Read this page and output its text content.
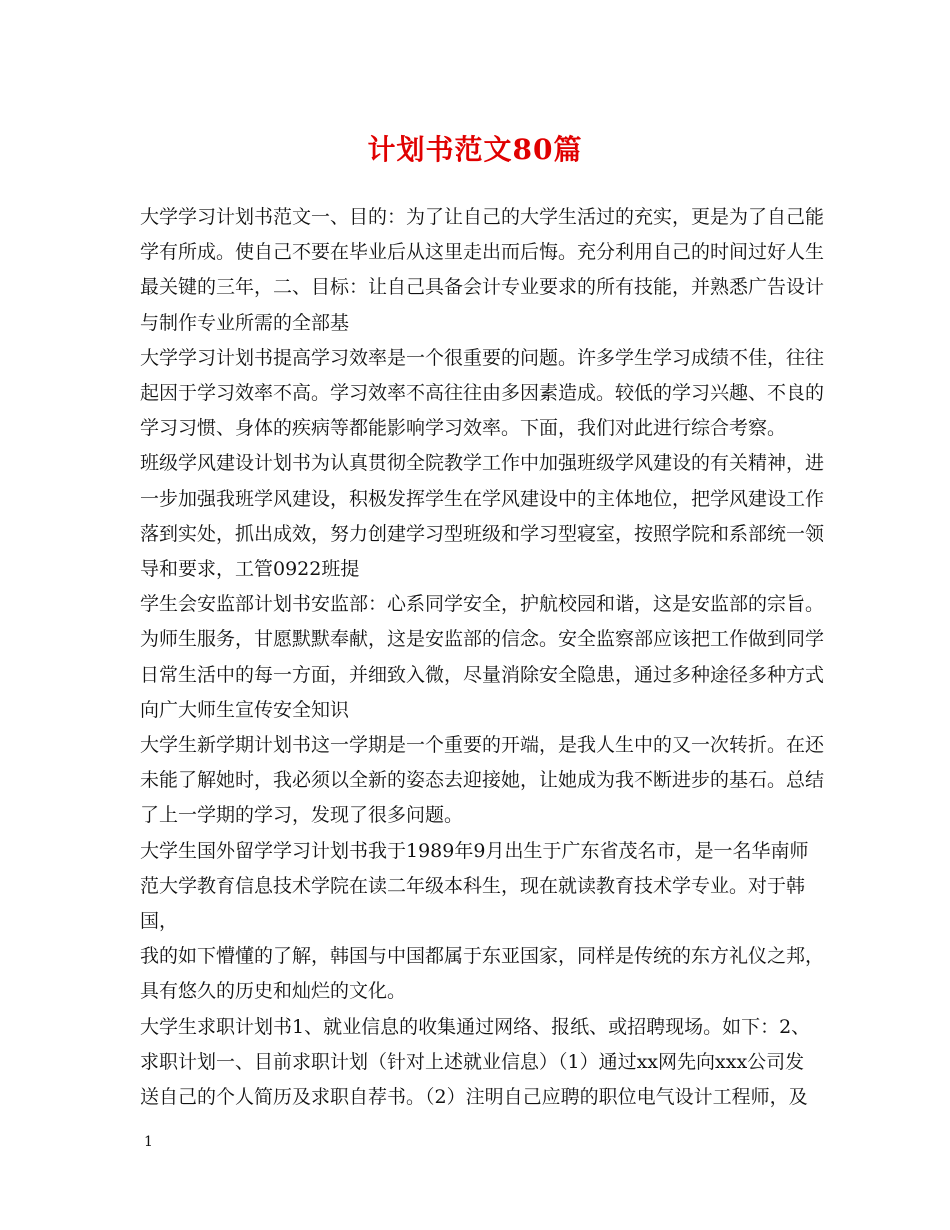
计划书范文80篇

大学学习计划书范文一、目的：为了让自己的大学生活过的充实，更是为了自己能
学有所成。使自己不要在毕业后从这里走出而后悔。充分利用自己的时间过好人生
最关键的三年，二、目标：让自己具备会计专业要求的所有技能，并熟悉广告设计
与制作专业所需的全部基

大学学习计划书提高学习效率是一个很重要的问题。许多学生学习成绩不佳，往往
起因于学习效率不高。学习效率不高往往由多因素造成。较低的学习兴趣、不良的
学习习惯、身体的疾病等都能影响学习效率。下面，我们对此进行综合考察。

班级学风建设计划书为认真贯彻全院教学工作中加强班级学风建设的有关精神，进
一步加强我班学风建设，积极发挥学生在学风建设中的主体地位，把学风建设工作
落到实处，抓出成效，努力创建学习型班级和学习型寝室，按照学院和系部统一领
导和要求，工管0922班提

学生会安监部计划书安监部：心系同学安全，护航校园和谐，这是安监部的宗旨。
为师生服务，甘愿默默奉献，这是安监部的信念。安全监察部应该把工作做到同学
日常生活中的每一方面，并细致入微，尽量消除安全隐患，通过多种途径多种方式
向广大师生宣传安全知识

大学生新学期计划书这一学期是一个重要的开端，是我人生中的又一次转折。在还
未能了解她时，我必须以全新的姿态去迎接她，让她成为我不断进步的基石。总结
了上一学期的学习，发现了很多问题。

大学生国外留学学习计划书我于1989年9月出生于广东省茂名市，是一名华南师
范大学教育信息技术学院在读二年级本科生，现在就读教育技术学专业。对于韩国，
我的如下懵懂的了解，韩国与中国都属于东亚国家，同样是传统的东方礼仪之邦，
具有悠久的历史和灿烂的文化。

大学生求职计划书1、就业信息的收集通过网络、报纸、或招聘现场。如下：2、
求职计划一、目前求职计划（针对上述就业信息）（1）通过xx网先向xxx公司发
送自己的个人简历及求职自荐书。（2）注明自己应聘的职位电气设计工程师，及

1
